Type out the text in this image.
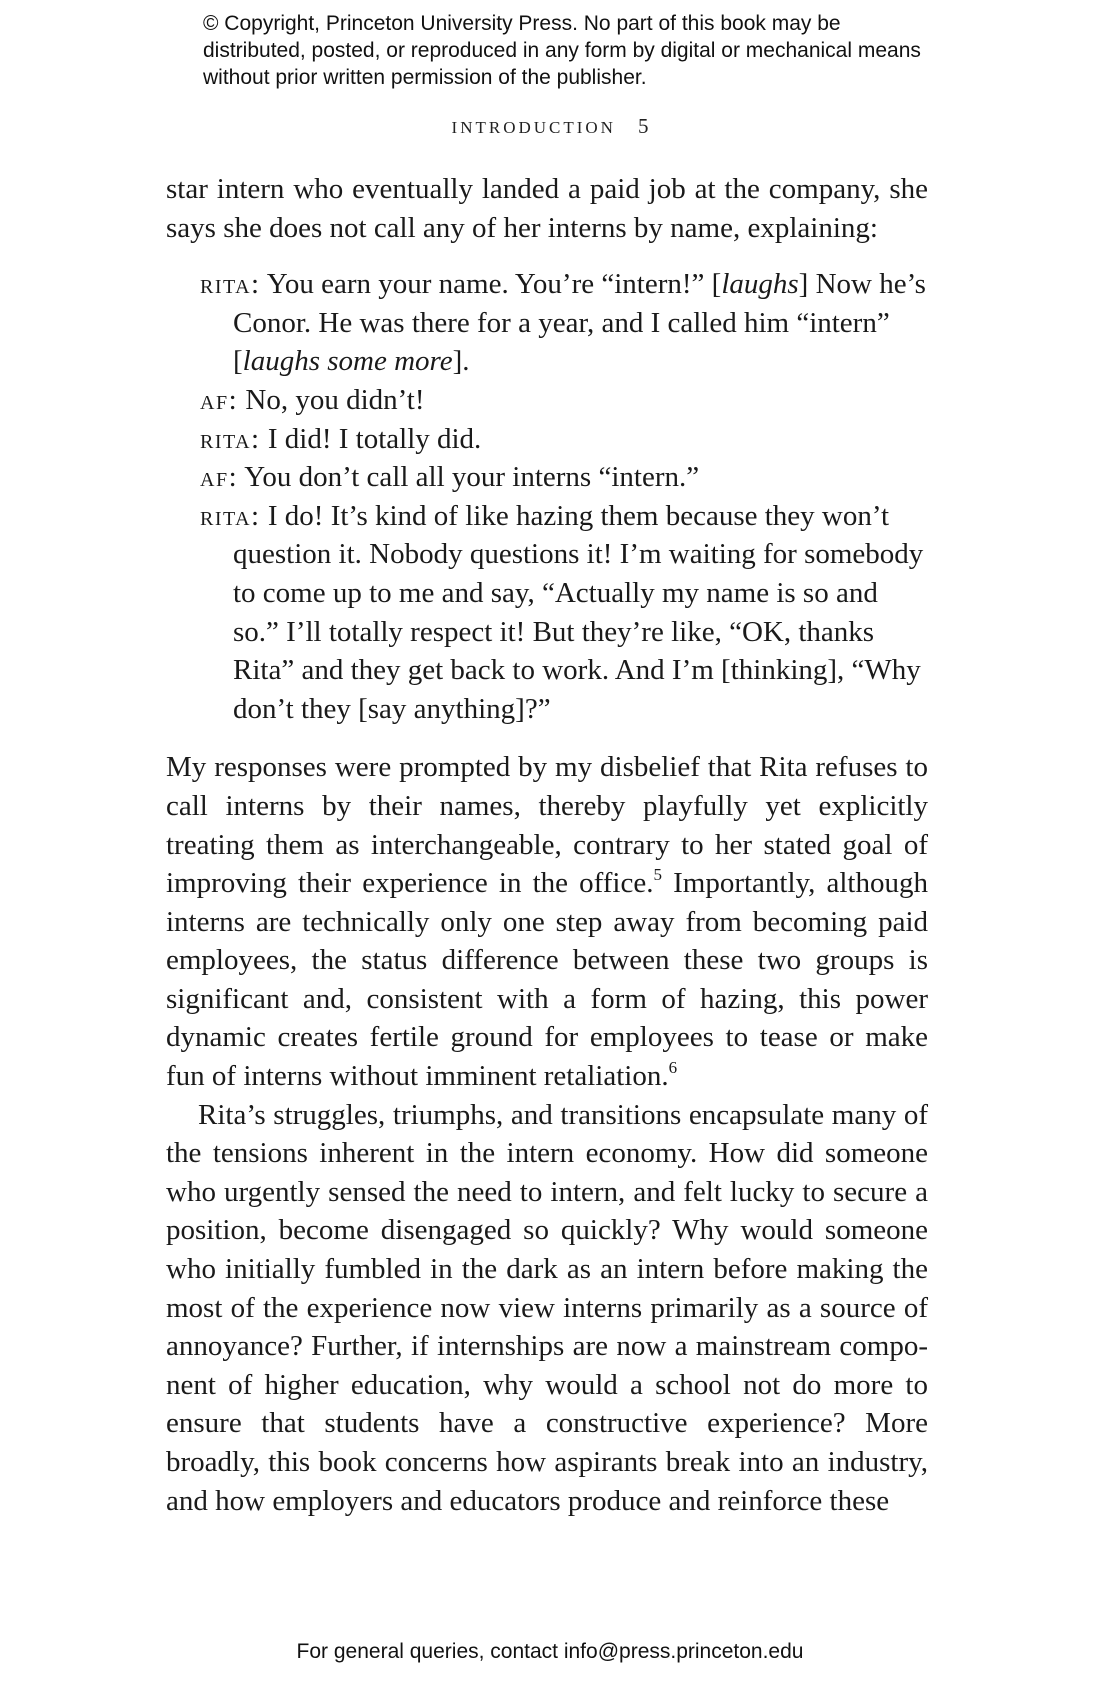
© Copyright, Princeton University Press. No part of this book may be distributed, posted, or reproduced in any form by digital or mechanical means without prior written permission of the publisher.
INTRODUCTION 5

star intern who eventually landed a paid job at the company, she says she does not call any of her interns by name, explaining:

rita: You earn your name. You’re “intern!” [laughs] Now he’s Conor. He was there for a year, and I called him “intern” [laughs some more].
af: No, you didn’t!
rita: I did! I totally did.
af: You don’t call all your interns “intern.”
rita: I do! It’s kind of like hazing them because they won’t question it. Nobody questions it! I’m waiting for somebody to come up to me and say, “Actually my name is so and so.” I’ll totally respect it! But they’re like, “OK, thanks Rita” and they get back to work. And I’m [thinking], “Why don’t they [say anything]?”

My responses were prompted by my disbelief that Rita refuses to call interns by their names, thereby playfully yet explicitly treating them as interchangeable, contrary to her stated goal of improving their experience in the office.$^5$ Importantly, although interns are technically only one step away from becoming paid employees, the status difference between these two groups is significant and, consistent with a form of hazing, this power dynamic creates fertile ground for employees to tease or make fun of interns without imminent retaliation.$^6$

Rita’s struggles, triumphs, and transitions encapsulate many of the tensions inherent in the intern economy. How did someone who urgently sensed the need to intern, and felt lucky to secure a position, become disengaged so quickly? Why would someone who initially fumbled in the dark as an intern before making the most of the experience now view interns primarily as a source of annoyance? Further, if internships are now a mainstream component of higher education, why would a school not do more to ensure that students have a constructive experience? More broadly, this book concerns how aspirants break into an industry, and how employers and educators produce and reinforce these

For general queries, contact info@press.princeton.edu
